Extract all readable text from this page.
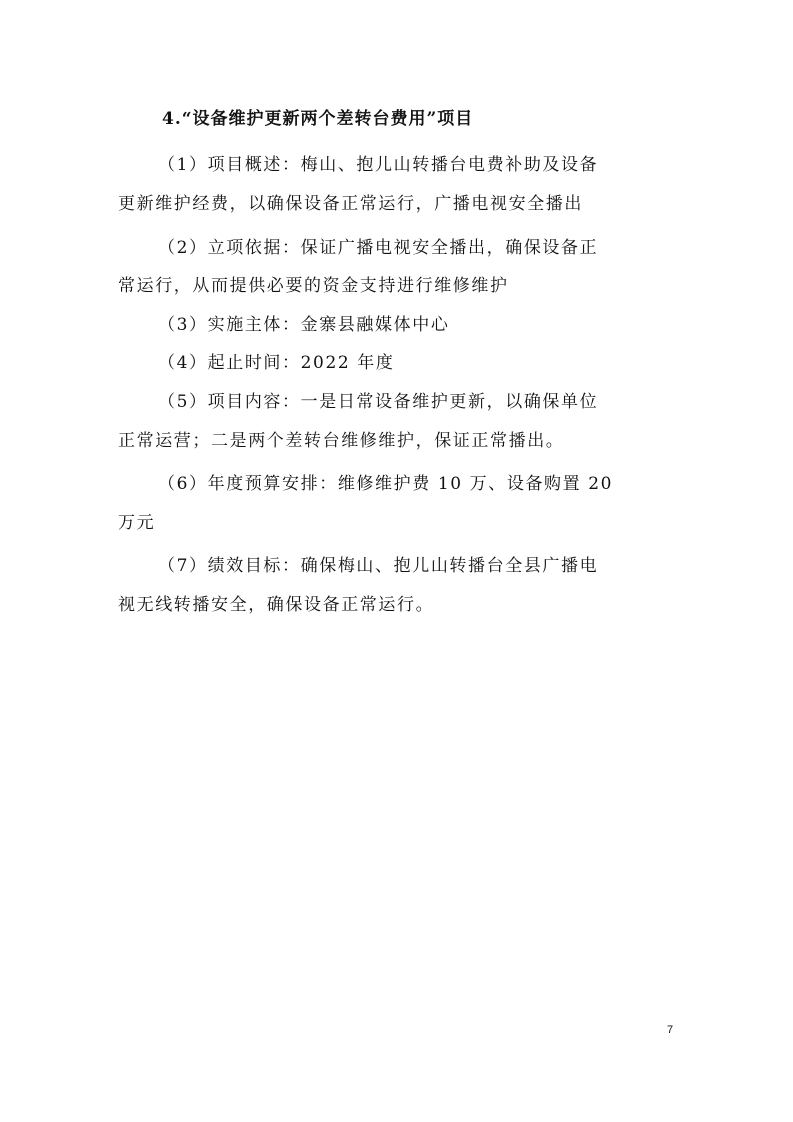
4.“设备维护更新两个差转台费用”项目
（1）项目概述：梅山、抱儿山转播台电费补助及设备
更新维护经费，以确保设备正常运行，广播电视安全播出
（2）立项依据：保证广播电视安全播出，确保设备正
常运行，从而提供必要的资金支持进行维修维护
（3）实施主体：金寨县融媒体中心
（4）起止时间：2022 年度
（5）项目内容：一是日常设备维护更新，以确保单位
正常运营；二是两个差转台维修维护，保证正常播出。
（6）年度预算安排：维修维护费 10 万、设备购置 20
万元
（7）绩效目标：确保梅山、抱儿山转播台全县广播电
视无线转播安全，确保设备正常运行。
7
